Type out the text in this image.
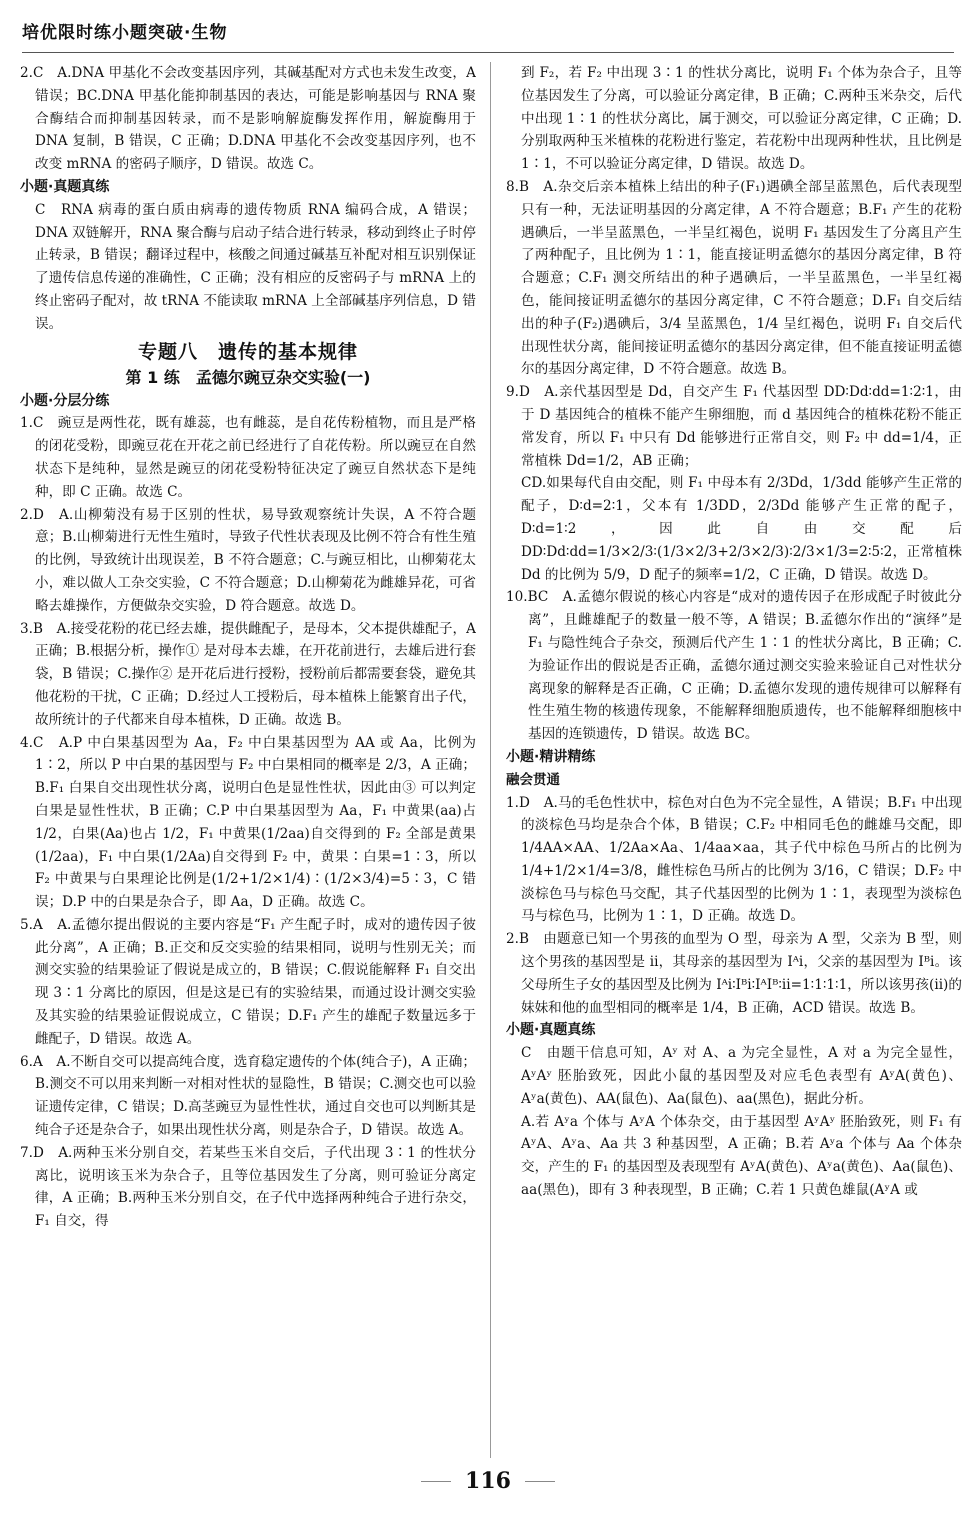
培优限时练小题突破·生物

2.C　A.DNA 甲基化不会改变基因序列，其碱基配对方式也未发生改变，A 错误；BC.DNA 甲基化能抑制基因的表达，可能是影响基因与 RNA 聚合酶结合而抑制基因转录，而不是影响解旋酶发挥作用，解旋酶用于 DNA 复制，B 错误，C 正确；D.DNA 甲基化不会改变基因序列，也不改变 mRNA 的密码子顺序，D 错误。故选 C。

小题·真题真练

C　RNA 病毒的蛋白质由病毒的遗传物质 RNA 编码合成，A 错误；DNA 双链解开，RNA 聚合酶与启动子结合进行转录，移动到终止子时停止转录，B 错误；翻译过程中，核酸之间通过碱基互补配对相互识别保证了遗传信息传递的准确性，C 正确；没有相应的反密码子与 mRNA 上的终止密码子配对，故 tRNA 不能读取 mRNA 上全部碱基序列信息，D 错误。

专题八　遗传的基本规律

第 1 练　孟德尔豌豆杂交实验(一)

小题·分层分练

1.C　豌豆是两性花，既有雄蕊，也有雌蕊，是自花传粉植物，而且是严格的闭花受粉，即豌豆花在开花之前已经进行了自花传粉。所以豌豆在自然状态下是纯种，显然是豌豆的闭花受粉特征决定了豌豆自然状态下是纯种，即 C 正确。故选 C。

2.D　A.山柳菊没有易于区别的性状，易导致观察统计失误，A 不符合题意；B.山柳菊进行无性生殖时，导致子代性状表现及比例不符合有性生殖的比例，导致统计出现误差，B 不符合题意；C.与豌豆相比，山柳菊花太小，难以做人工杂交实验，C 不符合题意；D.山柳菊花为雌雄异花，可省略去雄操作，方便做杂交实验，D 符合题意。故选 D。

3.B　A.接受花粉的花已经去雄，提供雌配子，是母本，父本提供雄配子，A 正确；B.根据分析，操作① 是对母本去雄，在开花前进行，去雄后进行套袋，B 错误；C.操作② 是开花后进行授粉，授粉前后都需要套袋，避免其他花粉的干扰，C 正确；D.经过人工授粉后，母本植株上能繁育出子代，故所统计的子代都来自母本植株，D 正确。故选 B。

4.C　A.P 中白果基因型为 Aa，F₂ 中白果基因型为 AA 或 Aa，比例为 1∶2，所以 P 中白果的基因型与 F₂ 中白果相同的概率是 2/3，A 正确；B.F₁ 白果自交出现性状分离，说明白色是显性性状，因此由③ 可以判定白果是显性性状，B 正确；C.P 中白果基因型为 Aa，F₁ 中黄果(aa)占 1/2，白果(Aa)也占 1/2，F₁ 中黄果(1/2aa)自交得到的 F₂ 全部是黄果(1/2aa)，F₁ 中白果(1/2Aa)自交得到 F₂ 中，黄果∶白果=1∶3，所以 F₂ 中黄果与白果理论比例是(1/2+1/2×1/4)∶(1/2×3/4)=5∶3，C 错误；D.P 中的白果是杂合子，即 Aa，D 正确。故选 C。

5.A　A.孟德尔提出假说的主要内容是“F₁ 产生配子时，成对的遗传因子彼此分离”，A 正确；B.正交和反交实验的结果相同，说明与性别无关；而测交实验的结果验证了假说是成立的，B 错误；C.假说能解释 F₁ 自交出现 3∶1 分离比的原因，但是这是已有的实验结果，而通过设计测交实验及其实验的结果验证假说成立，C 错误；D.F₁ 产生的雄配子数量远多于雌配子，D 错误。故选 A。

6.A　A.不断自交可以提高纯合度，选育稳定遗传的个体(纯合子)，A 正确；B.测交不可以用来判断一对相对性状的显隐性，B 错误；C.测交也可以验证遗传定律，C 错误；D.高茎豌豆为显性性状，通过自交也可以判断其是纯合子还是杂合子，如果出现性状分离，则是杂合子，D 错误。故选 A。

7.D　A.两种玉米分别自交，若某些玉米自交后，子代出现 3∶1 的性状分离比，说明该玉米为杂合子，且等位基因发生了分离，则可验证分离定律，A 正确；B.两种玉米分别自交，在子代中选择两种纯合子进行杂交，F₁ 自交，得

到 F₂，若 F₂ 中出现 3∶1 的性状分离比，说明 F₁ 个体为杂合子，且等位基因发生了分离，可以验证分离定律，B 正确；C.两种玉米杂交，后代中出现 1∶1 的性状分离比，属于测交，可以验证分离定律，C 正确；D.分别取两种玉米植株的花粉进行鉴定，若花粉中出现两种性状，且比例是 1∶1，不可以验证分离定律，D 错误。故选 D。

8.B　A.杂交后亲本植株上结出的种子(F₁)遇碘全部呈蓝黑色，后代表现型只有一种，无法证明基因的分离定律，A 不符合题意；B.F₁ 产生的花粉遇碘后，一半呈蓝黑色，一半呈红褐色，说明 F₁ 基因发生了分离且产生了两种配子，且比例为 1∶1，能直接证明孟德尔的基因分离定律，B 符合题意；C.F₁ 测交所结出的种子遇碘后，一半呈蓝黑色，一半呈红褐色，能间接证明孟德尔的基因分离定律，C 不符合题意；D.F₁ 自交后结出的种子(F₂)遇碘后，3/4 呈蓝黑色，1/4 呈红褐色，说明 F₁ 自交后代出现性状分离，能间接证明孟德尔的基因分离定律，但不能直接证明孟德尔的基因分离定律，D 不符合题意。故选 B。

9.D　A.亲代基因型是 Dd，自交产生 F₁ 代基因型 DD∶Dd∶dd=1∶2∶1，由于 D 基因纯合的植株不能产生卵细胞，而 d 基因纯合的植株花粉不能正常发育，所以 F₁ 中只有 Dd 能够进行正常自交，则 F₂ 中 dd=1/4，正常植株 Dd=1/2，AB 正确；

CD.如果每代自由交配，则 F₁ 中母本有 2/3Dd，1/3dd 能够产生正常的配子，D∶d=2∶1，父本有 1/3DD，2/3Dd 能够产生正常的配子，D∶d=1∶2，因此自由交配后 DD∶Dd∶dd=1/3×2/3∶(1/3×2/3+2/3×2/3)∶2/3×1/3=2∶5∶2，正常植株 Dd 的比例为 5/9，D 配子的频率=1/2，C 正确，D 错误。故选 D。

10.BC　A.孟德尔假说的核心内容是“成对的遗传因子在形成配子时彼此分离”，且雌雄配子的数量一般不等，A 错误；B.孟德尔作出的“演绎”是 F₁ 与隐性纯合子杂交，预测后代产生 1∶1 的性状分离比，B 正确；C.为验证作出的假说是否正确，孟德尔通过测交实验来验证自己对性状分离现象的解释是否正确，C 正确；D.孟德尔发现的遗传规律可以解释有性生殖生物的核遗传现象，不能解释细胞质遗传，也不能解释细胞核中基因的连锁遗传，D 错误。故选 BC。

小题·精讲精练

融会贯通

1.D　A.马的毛色性状中，棕色对白色为不完全显性，A 错误；B.F₁ 中出现的淡棕色马均是杂合个体，B 错误；C.F₂ 中相同毛色的雌雄马交配，即 1/4AA×AA、1/2Aa×Aa、1/4aa×aa，其子代中棕色马所占的比例为 1/4+1/2×1/4=3/8，雌性棕色马所占的比例为 3/16，C 错误；D.F₂ 中淡棕色马与棕色马交配，其子代基因型的比例为 1∶1，表现型为淡棕色马与棕色马，比例为 1∶1，D 正确。故选 D。

2.B　由题意已知一个男孩的血型为 O 型，母亲为 A 型，父亲为 B 型，则这个男孩的基因型是 ii，其母亲的基因型为 Iᴬi，父亲的基因型为 Iᴮi。该父母所生子女的基因型及比例为 Iᴬi∶Iᴮi∶IᴬIᴮ∶ii=1∶1∶1∶1，所以该男孩(ii)的妹妹和他的血型相同的概率是 1/4，B 正确，ACD 错误。故选 B。

小题·真题真练

C　由题干信息可知，Aʸ 对 A、a 为完全显性，A 对 a 为完全显性，AʸAʸ 胚胎致死，因此小鼠的基因型及对应毛色表型有 AʸA(黄色)、Aʸa(黄色)、AA(鼠色)、Aa(鼠色)、aa(黑色)，据此分析。

A.若 Aʸa 个体与 AʸA 个体杂交，由于基因型 AʸAʸ 胚胎致死，则 F₁ 有 AʸA、Aʸa、Aa 共 3 种基因型，A 正确；B.若 Aʸa 个体与 Aa 个体杂交，产生的 F₁ 的基因型及表现型有 AʸA(黄色)、Aʸa(黄色)、Aa(鼠色)、aa(黑色)，即有 3 种表现型，B 正确；C.若 1 只黄色雄鼠(AʸA 或

116
